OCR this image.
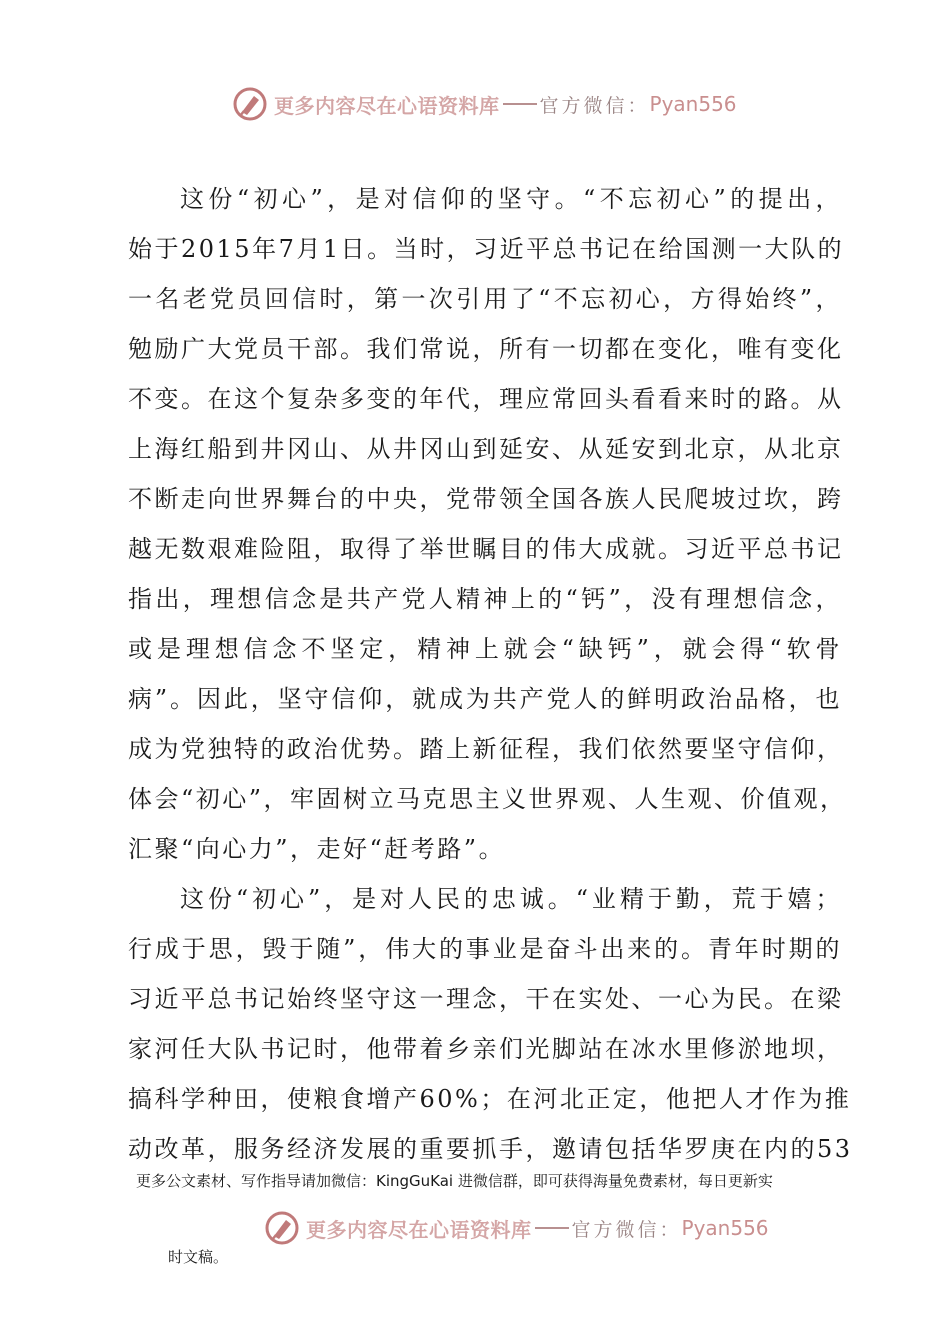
更多内容尽在心语资料库 官方微信： Pyan556
这份“初心”，是对信仰的坚守。“不忘初心”的提出，
始于2015年7月1日。当时，习近平总书记在给国测一大队的
一名老党员回信时，第一次引用了“不忘初心，方得始终”，
勉励广大党员干部。我们常说，所有一切都在变化，唯有变化
不变。在这个复杂多变的年代，理应常回头看看来时的路。从
上海红船到井冈山、从井冈山到延安、从延安到北京，从北京
不断走向世界舞台的中央，党带领全国各族人民爬坡过坎，跨
越无数艰难险阻，取得了举世瞩目的伟大成就。习近平总书记
指出，理想信念是共产党人精神上的“钙”，没有理想信念，
或是理想信念不坚定，精神上就会“缺钙”，就会得“软骨
病”。因此，坚守信仰，就成为共产党人的鲜明政治品格，也
成为党独特的政治优势。踏上新征程，我们依然要坚守信仰，
体会“初心”，牢固树立马克思主义世界观、人生观、价值观，
汇聚“向心力”，走好“赶考路”。
这份“初心”，是对人民的忠诚。“业精于勤，荒于嬉；
行成于思，毁于随”，伟大的事业是奋斗出来的。青年时期的
习近平总书记始终坚守这一理念，干在实处、一心为民。在梁
家河任大队书记时，他带着乡亲们光脚站在冰水里修淤地坝，
搞科学种田，使粮食增产60%；在河北正定，他把人才作为推
动改革，服务经济发展的重要抓手，邀请包括华罗庚在内的53
更多公文素材、写作指导请加微信：KingGuKai 进微信群，即可获得海量免费素材，每日更新实
更多内容尽在心语资料库 官方微信： Pyan556
时文稿。
